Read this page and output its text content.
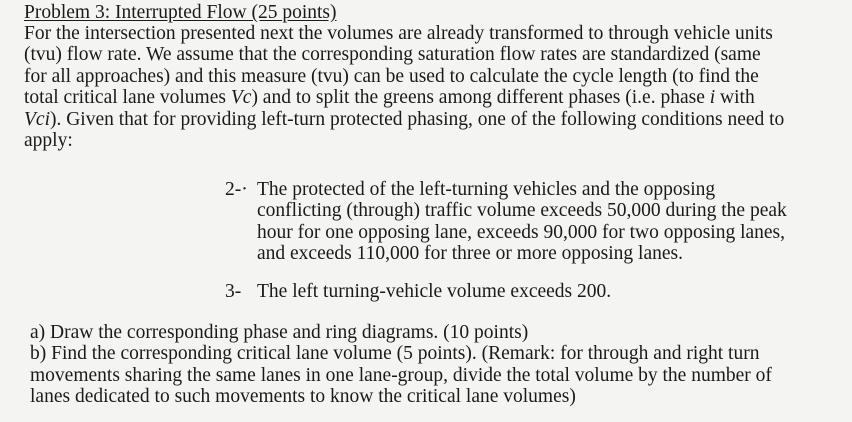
Problem 3: Interrupted Flow (25 points)
For the intersection presented next the volumes are already transformed to through vehicle units
(tvu) flow rate. We assume that the corresponding saturation flow rates are standardized (same
for all approaches) and this measure (tvu) can be used to calculate the cycle length (to find the
total critical lane volumes Vc) and to split the greens among different phases (i.e. phase i with
Vci). Given that for providing left-turn protected phasing, one of the following conditions need to
apply:
2-· The protected of the left-turning vehicles and the opposing
conflicting (through) traffic volume exceeds 50,000 during the peak
hour for one opposing lane, exceeds 90,000 for two opposing lanes,
and exceeds 110,000 for three or more opposing lanes.
3- The left turning-vehicle volume exceeds 200.
a) Draw the corresponding phase and ring diagrams. (10 points)
b) Find the corresponding critical lane volume (5 points). (Remark: for through and right turn
movements sharing the same lanes in one lane-group, divide the total volume by the number of
lanes dedicated to such movements to know the critical lane volumes)
